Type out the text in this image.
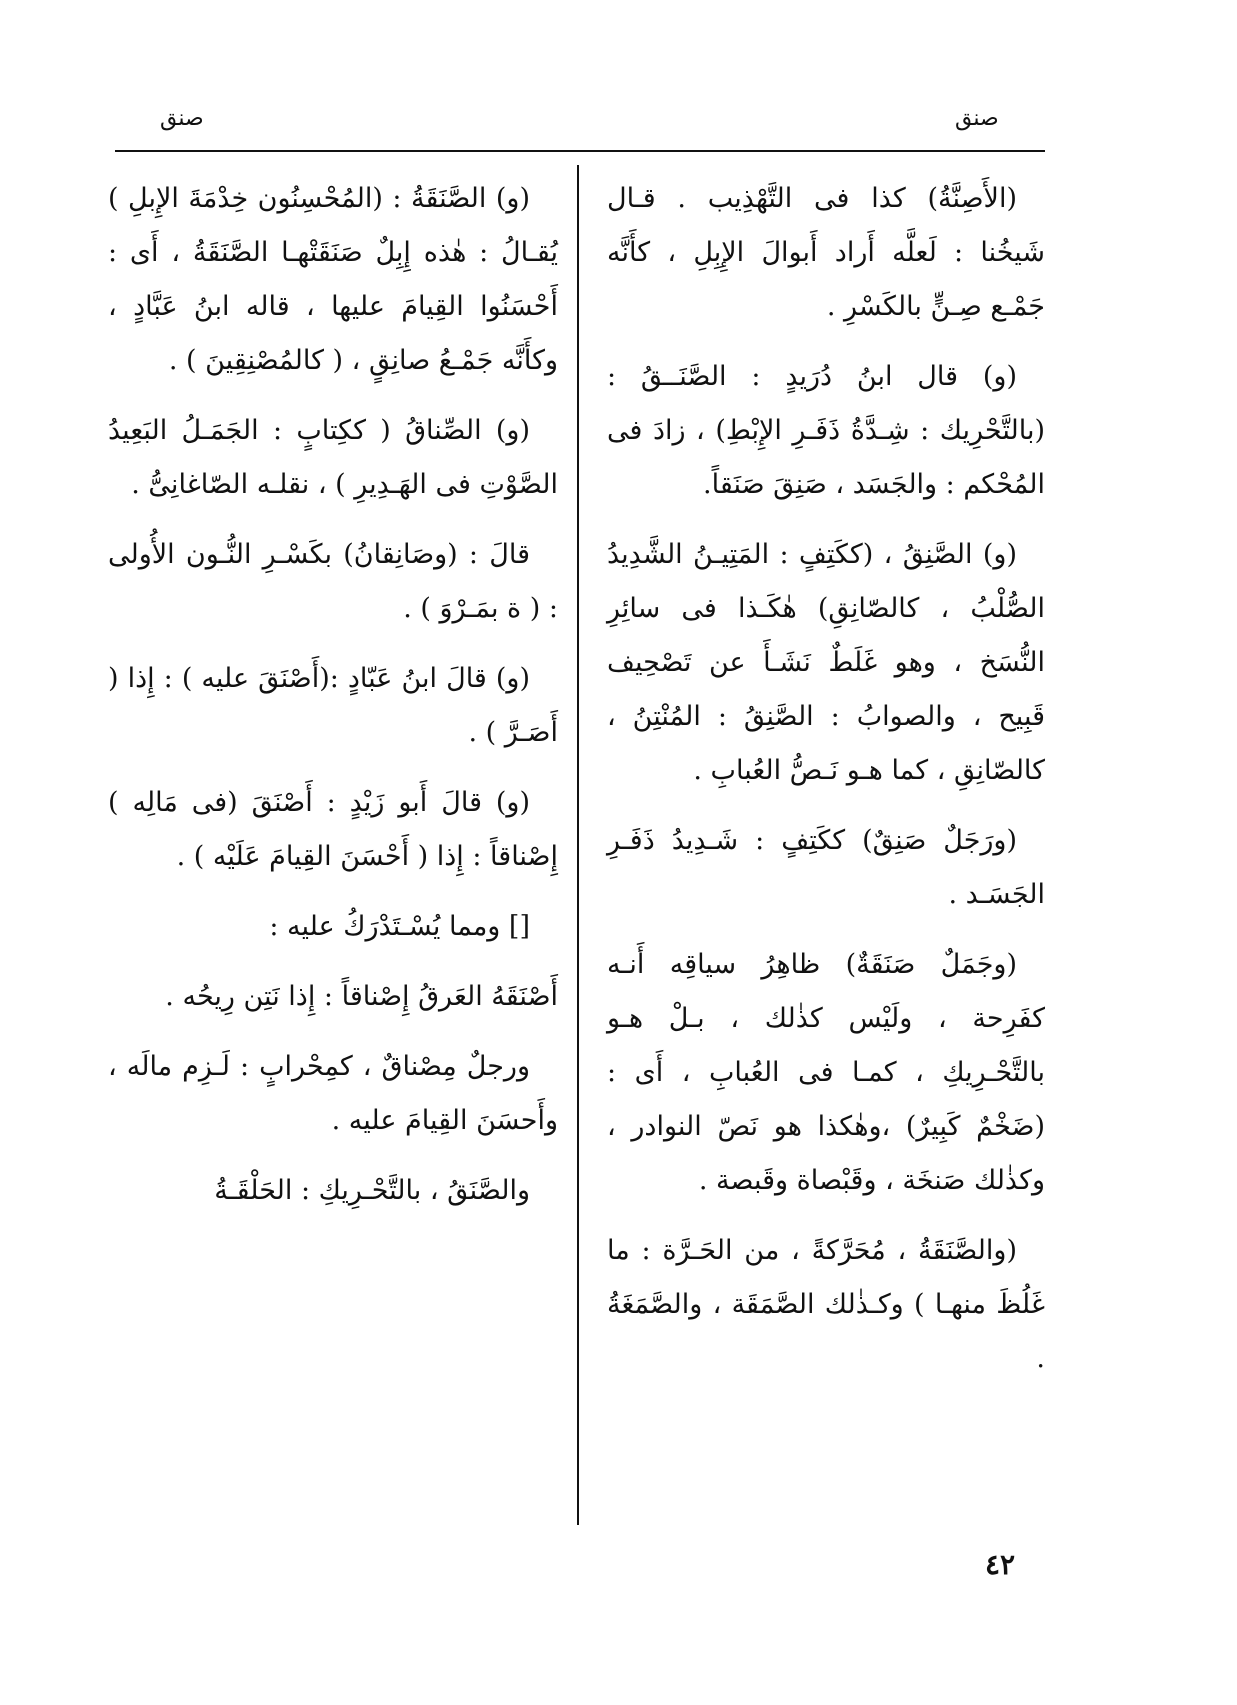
صنق	صنق

(الأَصِنَّةُ) كذا فى التَّهْذِيب . قـال شَيخُنا : لَعلَّه أَراد أَبوالَ الإِبِلِ ، كأَنَّه جَمْـع صِـنٍّ بالكَسْرِ .

(و) قال ابنُ دُرَيدٍ : الصَّنَــقُ : (بالتَّحْرِيك : شِـدَّةُ ذَفَـرِ الإِبْطِ) ، زادَ فى المُحْكم : والجَسَد ، صَنِقَ صَنَقاً.

(و) الصَّنِقُ ، (ككَتِفٍ : المَتِيـنُ الشَّدِيدُ الصُّلْبُ ، كالصّانِقِ) هٰكَـذا فى سائِرِ النُّسَخ ، وهو غَلَطٌ نَشَـأَ عن تَصْحِيف قَبِيح ، والصوابُ : الصَّنِقُ : المُنْتِنُ ، كالصّانِقِ ، كما هـو نَـصُّ العُبابِ .

(ورَجَلٌ صَنِقٌ) ككَتِفٍ : شَـدِيدُ ذَفَـرِ الجَسَـد .

(وجَمَلٌ صَنَقَةٌ) ظاهِرُ سياقِه أَنـه كفَرِحة ، ولَيْس كذٰلك ، بـلْ هـو بالتَّحْـرِيكِ ، كمـا فى العُبابِ ، أَى : (ضَخْمٌ كَبِيرٌ) ،وهٰكذا هو نَصّ النوادر ، وكذٰلك صَنخَة ، وقَبْصاة وقَبصة .

(والصَّنَقَةُ ، مُحَرَّكةً ، من الحَـرَّة : ما غَلُظَ منهـا ) وكـذٰلك الصَّمَقَة ، والصَّمَغَةُ .

(و) الصَّنَقَةُ : (المُحْسِنُون خِدْمَةَ الإِبلِ ) يُقـالُ : هٰذه إِبِلٌ صَنَقَتْهـا الصَّنَقَةُ ، أَى : أَحْسَنُوا القِيامَ عليها ، قاله ابنُ عَبَّادٍ ، وكأَنَّه جَمْـعُ صانِقٍ ، ( كالمُصْنِقِينَ ) .

(و) الصِّناقُ ( ككِتابٍ : الجَمَـلُ البَعِيدُ الصَّوْتِ فى الهَـدِيرِ ) ، نقلـه الصّاغانِىُّ .

قالَ : (وصَانِقانُ) بكَسْـرِ النُّـون الأُولى : ( ة بمَـرْوَ ) .

(و) قالَ ابنُ عَبّادٍ :(أَصْنَقَ عليه ) : إِذا ( أَصَـرَّ ) .

(و) قالَ أَبو زَيْدٍ : أَصْنَقَ (فى مَالِه ) إِصْناقاً : إِذا ( أَحْسَنَ القِيامَ عَلَيْه ) .

[] ومما يُسْـتَدْرَكُ عليه :

أَصْنَقَهُ العَرقُ إِصْناقاً : إِذا نَتِن رِيحُه .

ورجلٌ مِصْناقٌ ، كمِحْرابٍ : لَـزِم مالَه ، وأَحسَنَ القِيامَ عليه .

والصَّنَقُ ، بالتَّحْـرِيكِ : الحَلْقَـةُ

٤٢
